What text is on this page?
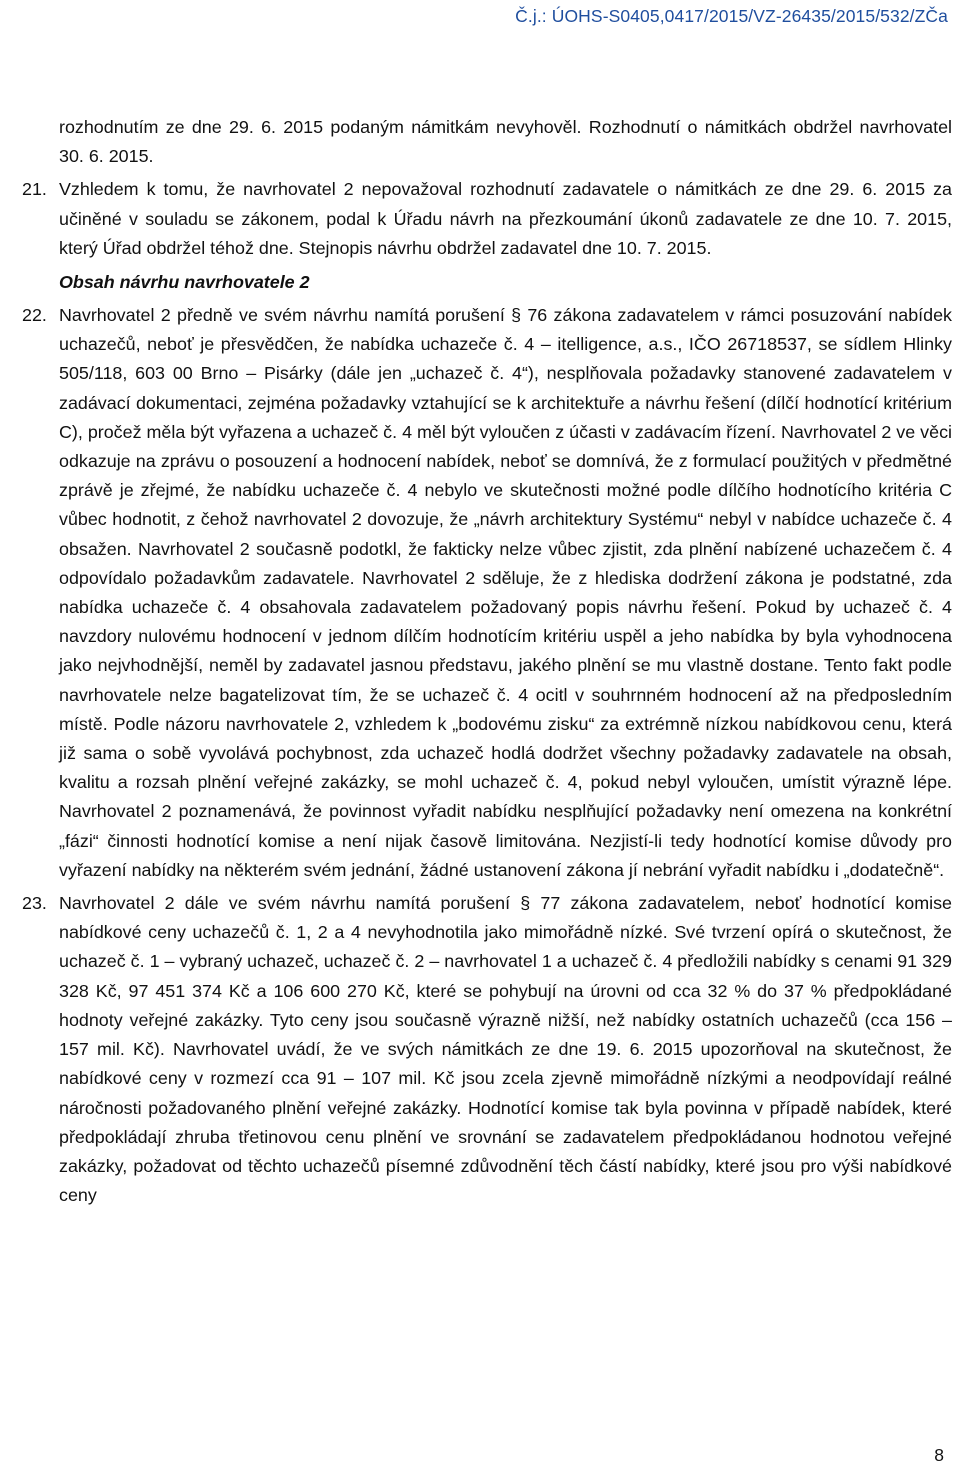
Č.j.: ÚOHS-S0405,0417/2015/VZ-26435/2015/532/ZČa

rozhodnutím ze dne 29. 6. 2015 podaným námitkám nevyhověl. Rozhodnutí o námitkách obdržel navrhovatel 30. 6. 2015.

21. Vzhledem k tomu, že navrhovatel 2 nepovažoval rozhodnutí zadavatele o námitkách ze dne 29. 6. 2015 za učiněné v souladu se zákonem, podal k Úřadu návrh na přezkoumání úkonů zadavatele ze dne 10. 7. 2015, který Úřad obdržel téhož dne. Stejnopis návrhu obdržel zadavatel dne 10. 7. 2015.

Obsah návrhu navrhovatele 2

22. Navrhovatel 2 předně ve svém návrhu namítá porušení § 76 zákona zadavatelem v rámci posuzování nabídek uchazečů, neboť je přesvědčen, že nabídka uchazeče č. 4 – itelligence, a.s., IČO 26718537, se sídlem Hlinky 505/118, 603 00 Brno – Pisárky (dále jen „uchazeč č. 4“), nesplňovala požadavky stanovené zadavatelem v zadávací dokumentaci, zejména požadavky vztahující se k architektuře a návrhu řešení (dílčí hodnotící kritérium C), pročež měla být vyřazena a uchazeč č. 4 měl být vyloučen z účasti v zadávacím řízení. Navrhovatel 2 ve věci odkazuje na zprávu o posouzení a hodnocení nabídek, neboť se domnívá, že z formulací použitých v předmětné zprávě je zřejmé, že nabídku uchazeče č. 4 nebylo ve skutečnosti možné podle dílčího hodnotícího kritéria C vůbec hodnotit, z čehož navrhovatel 2 dovozuje, že „návrh architektury Systému“ nebyl v nabídce uchazeče č. 4 obsažen. Navrhovatel 2 současně podotkl, že fakticky nelze vůbec zjistit, zda plnění nabízené uchazečem č. 4 odpovídalo požadavkům zadavatele. Navrhovatel 2 sděluje, že z hlediska dodržení zákona je podstatné, zda nabídka uchazeče č. 4 obsahovala zadavatelem požadovaný popis návrhu řešení. Pokud by uchazeč č. 4 navzdory nulovému hodnocení v jednom dílčím hodnotícím kritériu uspěl a jeho nabídka by byla vyhodnocena jako nejvhodnější, neměl by zadavatel jasnou představu, jakého plnění se mu vlastně dostane. Tento fakt podle navrhovatele nelze bagatelizovat tím, že se uchazeč č. 4 ocitl v souhrnném hodnocení až na předposledním místě. Podle názoru navrhovatele 2, vzhledem k „bodovému zisku“ za extrémně nízkou nabídkovou cenu, která již sama o sobě vyvolává pochybnost, zda uchazeč hodlá dodržet všechny požadavky zadavatele na obsah, kvalitu a rozsah plnění veřejné zakázky, se mohl uchazeč č. 4, pokud nebyl vyloučen, umístit výrazně lépe. Navrhovatel 2 poznamenává, že povinnost vyřadit nabídku nesplňující požadavky není omezena na konkrétní „fázi“ činnosti hodnotící komise a není nijak časově limitována. Nezjistí-li tedy hodnotící komise důvody pro vyřazení nabídky na některém svém jednání, žádné ustanovení zákona jí nebrání vyřadit nabídku i „dodatečně“.

23. Navrhovatel 2 dále ve svém návrhu namítá porušení § 77 zákona zadavatelem, neboť hodnotící komise nabídkové ceny uchazečů č. 1, 2 a 4 nevyhodnotila jako mimořádně nízké. Své tvrzení opírá o skutečnost, že uchazeč č. 1 – vybraný uchazeč, uchazeč č. 2 – navrhovatel 1 a uchazeč č. 4 předložili nabídky s cenami 91 329 328 Kč, 97 451 374 Kč a 106 600 270 Kč, které se pohybují na úrovni od cca 32 % do 37 % předpokládané hodnoty veřejné zakázky. Tyto ceny jsou současně výrazně nižší, než nabídky ostatních uchazečů (cca 156 – 157 mil. Kč). Navrhovatel uvádí, že ve svých námitkách ze dne 19. 6. 2015 upozorňoval na skutečnost, že nabídkové ceny v rozmezí cca 91 – 107 mil. Kč jsou zcela zjevně mimořádně nízkými a neodpovídají reálné náročnosti požadovaného plnění veřejné zakázky. Hodnotící komise tak byla povinna v případě nabídek, které předpokládají zhruba třetinovou cenu plnění ve srovnání se zadavatelem předpokládanou hodnotou veřejné zakázky, požadovat od těchto uchazečů písemné zdůvodnění těch částí nabídky, které jsou pro výši nabídkové ceny

8
